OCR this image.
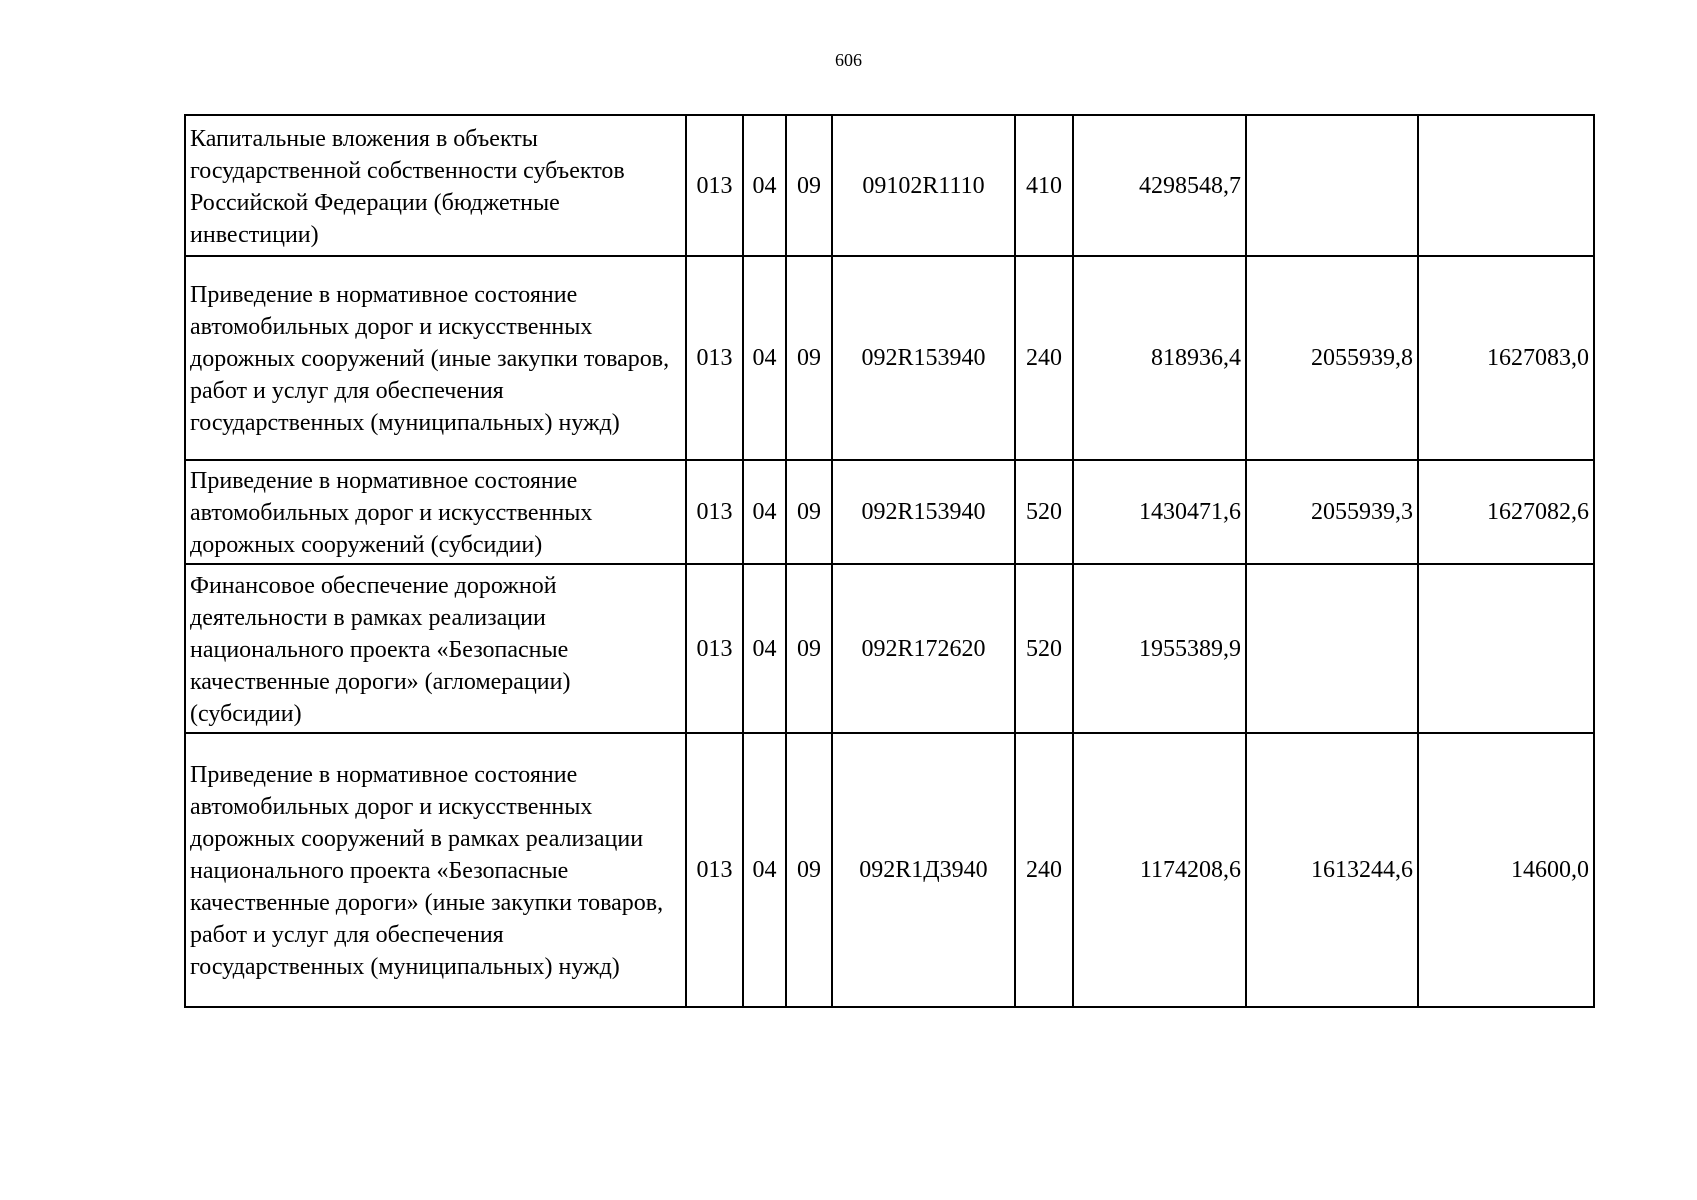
606
Капитальные вложения в объекты государственной собственности субъектов Российской Федерации (бюджетные инвестиции)	013	04	09	09102R1110	410	4298548,7		

Приведение в нормативное состояние автомобильных дорог и искусственных дорожных сооружений (иные закупки товаров, работ и услуг для обеспечения государственных (муниципальных) нужд)	013	04	09	092R153940	240	818936,4	2055939,8	1627083,0

Приведение в нормативное состояние автомобильных дорог и искусственных дорожных сооружений (субсидии)	013	04	09	092R153940	520	1430471,6	2055939,3	1627082,6

Финансовое обеспечение дорожной деятельности в рамках реализации национального проекта «Безопасные качественные дороги» (агломерации) (субсидии)	013	04	09	092R172620	520	1955389,9		

Приведение в нормативное состояние автомобильных дорог и искусственных дорожных сооружений в рамках реализации национального проекта «Безопасные качественные дороги» (иные закупки товаров, работ и услуг для обеспечения государственных (муниципальных) нужд)	013	04	09	092R1Д3940	240	1174208,6	1613244,6	14600,0
